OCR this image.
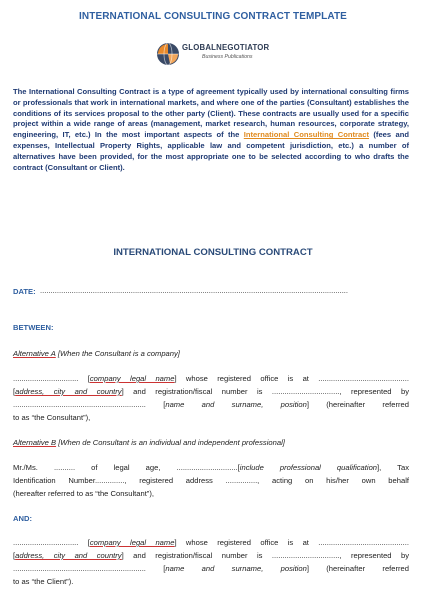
INTERNATIONAL CONSULTING CONTRACT TEMPLATE
GLOBALNEGOTIATOR
Business Publications
The International Consulting Contract is a type of agreement typically used by international consulting firms or professionals that work in international markets, and where one of the parties (Consultant) establishes the conditions of its services proposal to the other party (Client). These contracts are usually used for a specific project within a wide range of areas (management, market research, human resources, corporate strategy, engineering, IT, etc.) In the most important aspects of the International Consulting Contract (fees and expenses, Intellectual Property Rights, applicable law and competent jurisdiction, etc.) a number of alternatives have been provided, for the most appropriate one to be selected according to who drafts the contract (Consultant or Client).
INTERNATIONAL CONSULTING CONTRACT
DATE: ..................................................................................................................................................
BETWEEN:
Alternative A [When the Consultant is a company]
............................... [company legal name] whose registered office is at ...........................................
[address, city and country] and registration/fiscal number is ................................, represented by
............................................................... [name and surname, position] (hereinafter referred
to as “the Consultant”),
Alternative B [When de Consultant is an individual and independent professional]
Mr./Ms. .......... of legal age, .............................[include professional qualification], Tax
Identification Number.............., registered address ..............., acting on his/her own behalf
(hereafter referred to as “the Consultant”),
AND:
............................... [company legal name] whose registered office is at ...........................................
[address, city and country] and registration/fiscal number is ................................, represented by
............................................................... [name and surname, position] (hereinafter referred
to as “the Client”).
